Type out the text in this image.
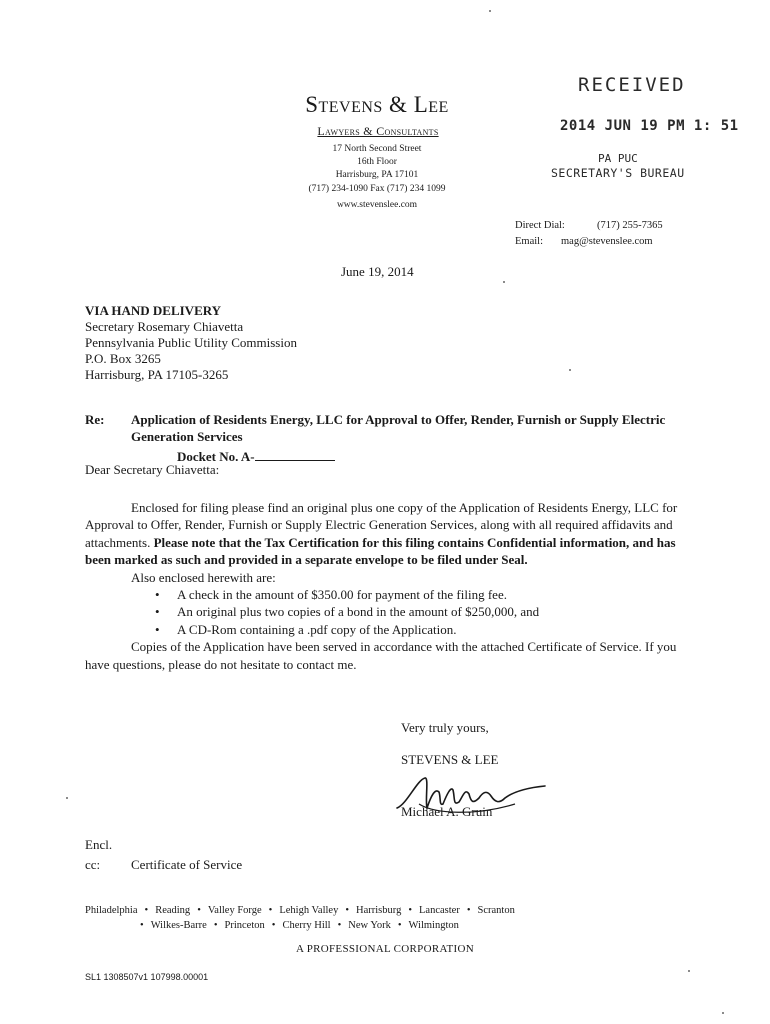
Stevens & Lee
Lawyers & Consultants
17 North Second Street
16th Floor
Harrisburg, PA 17101
(717) 234-1090 Fax (717) 234 1099
www.stevenslee.com
RECEIVED
2014 JUN 19 PM 1: 51
PA PUC
SECRETARY'S BUREAU
Direct Dial:	(717) 255-7365
Email: mag@stevenslee.com
June 19, 2014
VIA HAND DELIVERY
Secretary Rosemary Chiavetta
Pennsylvania Public Utility Commission
P.O. Box 3265
Harrisburg, PA 17105-3265
Re: Application of Residents Energy, LLC for Approval to Offer, Render, Furnish or Supply Electric Generation Services
Docket No. A-
Dear Secretary Chiavetta:

Enclosed for filing please find an original plus one copy of the Application of Residents Energy, LLC for Approval to Offer, Render, Furnish or Supply Electric Generation Services, along with all required affidavits and attachments. Please note that the Tax Certification for this filing contains Confidential information, and has been marked as such and provided in a separate envelope to be filed under Seal.

Also enclosed herewith are:

• A check in the amount of $350.00 for payment of the filing fee.
• An original plus two copies of a bond in the amount of $250,000, and
• A CD-Rom containing a .pdf copy of the Application.

Copies of the Application have been served in accordance with the attached Certificate of Service. If you have questions, please do not hesitate to contact me.

Very truly yours,
STEVENS & LEE
Michael A. Gruin
Encl.
cc: Certificate of Service
Philadelphia • Reading • Valley Forge • Lehigh Valley • Harrisburg • Lancaster • Scranton
• Wilkes-Barre • Princeton • Cherry Hill • New York • Wilmington
A PROFESSIONAL CORPORATION
SL1 1308507v1 107998.00001
